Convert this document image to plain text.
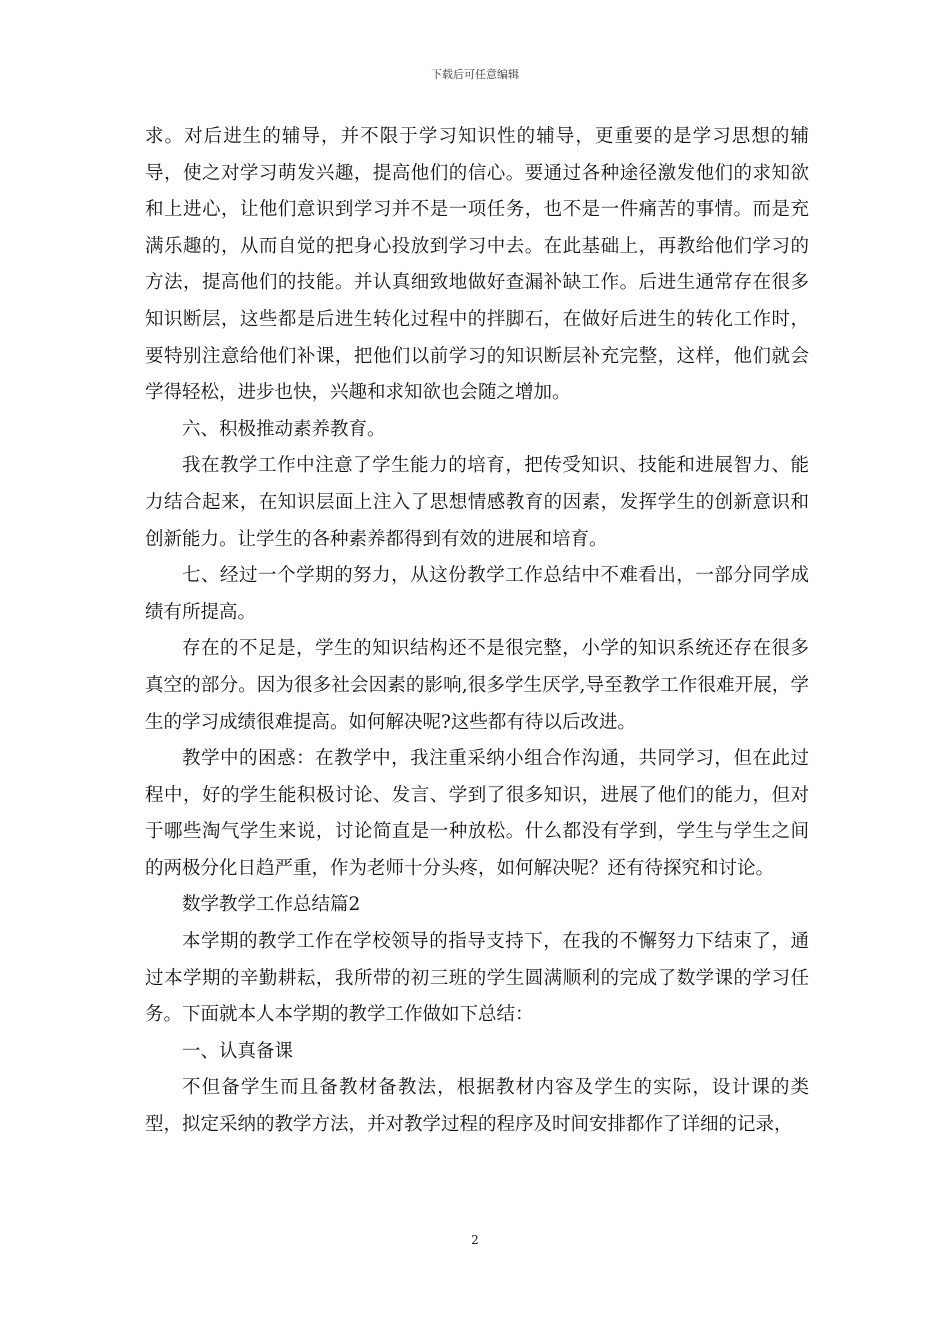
下载后可任意编辑

求。对后进生的辅导，并不限于学习知识性的辅导，更重要的是学习思想的辅导，使之对学习萌发兴趣，提高他们的信心。要通过各种途径激发他们的求知欲和上进心，让他们意识到学习并不是一项任务，也不是一件痛苦的事情。而是充满乐趣的，从而自觉的把身心投放到学习中去。在此基础上，再教给他们学习的方法，提高他们的技能。并认真细致地做好查漏补缺工作。后进生通常存在很多知识断层，这些都是后进生转化过程中的拌脚石，在做好后进生的转化工作时，要特别注意给他们补课，把他们以前学习的知识断层补充完整，这样，他们就会学得轻松，进步也快，兴趣和求知欲也会随之增加。

六、积极推动素养教育。

我在教学工作中注意了学生能力的培育，把传受知识、技能和进展智力、能力结合起来，在知识层面上注入了思想情感教育的因素，发挥学生的创新意识和创新能力。让学生的各种素养都得到有效的进展和培育。

七、经过一个学期的努力，从这份教学工作总结中不难看出，一部分同学成绩有所提高。

存在的不足是，学生的知识结构还不是很完整，小学的知识系统还存在很多真空的部分。因为很多社会因素的影响,很多学生厌学,导至教学工作很难开展，学生的学习成绩很难提高。如何解决呢?这些都有待以后改进。

教学中的困惑：在教学中，我注重采纳小组合作沟通，共同学习，但在此过程中，好的学生能积极讨论、发言、学到了很多知识，进展了他们的能力，但对于哪些淘气学生来说，讨论简直是一种放松。什么都没有学到，学生与学生之间的两极分化日趋严重，作为老师十分头疼，如何解决呢？还有待探究和讨论。

数学教学工作总结篇2

本学期的教学工作在学校领导的指导支持下，在我的不懈努力下结束了，通过本学期的辛勤耕耘，我所带的初三班的学生圆满顺利的完成了数学课的学习任务。下面就本人本学期的教学工作做如下总结：

一、认真备课

不但备学生而且备教材备教法，根据教材内容及学生的实际，设计课的类型，拟定采纳的教学方法，并对教学过程的程序及时间安排都作了详细的记录，

2
